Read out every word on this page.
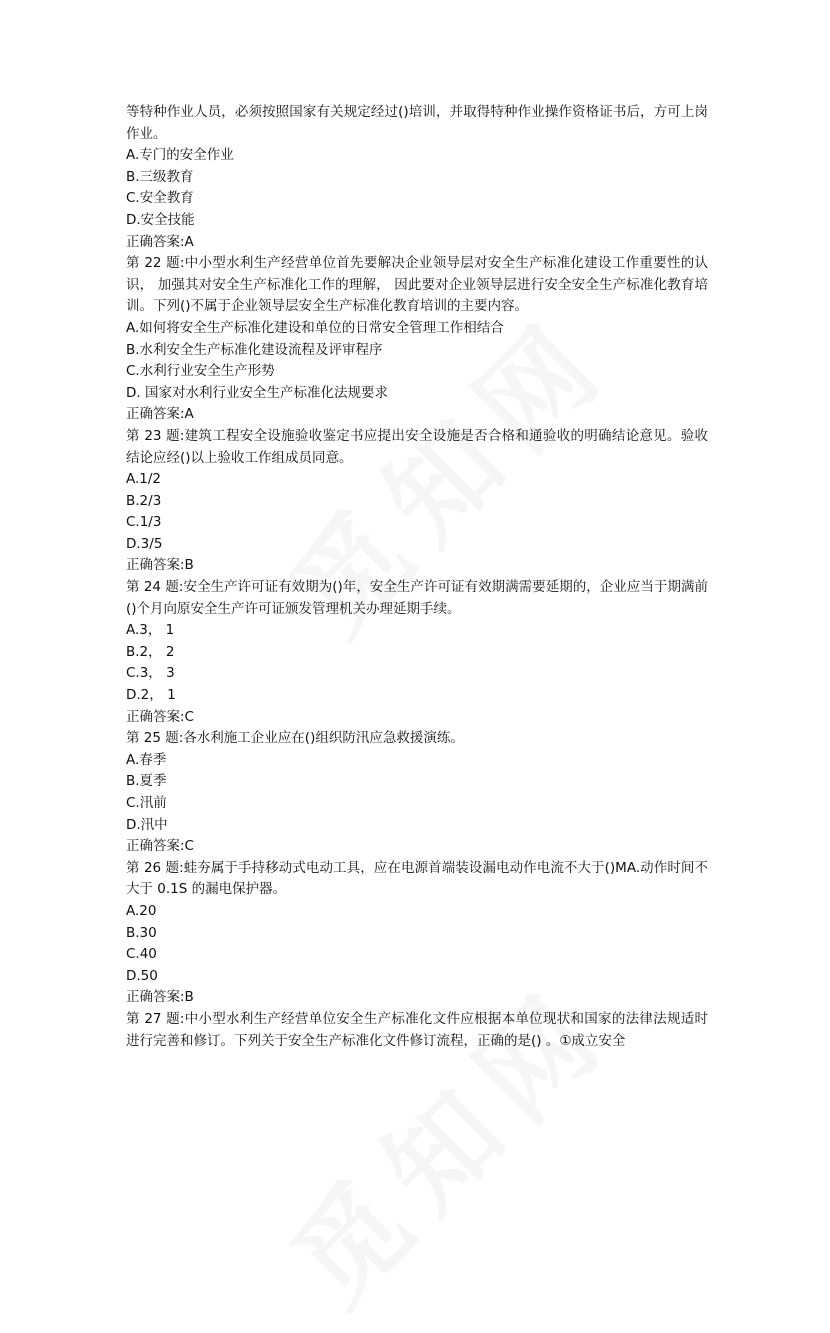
等特种作业人员，必须按照国家有关规定经过()培训，并取得特种作业操作资格证书后，方可上岗作业。
A.专门的安全作业
B.三级教育
C.安全教育
D.安全技能
正确答案:A
第 22 题:中小型水利生产经营单位首先要解决企业领导层对安全生产标准化建设工作重要性的认识， 加强其对安全生产标准化工作的理解， 因此要对企业领导层进行安全安全生产标准化教育培训。下列()不属于企业领导层安全生产标准化教育培训的主要内容。
A.如何将安全生产标准化建设和单位的日常安全管理工作相结合
B.水利安全生产标准化建设流程及评审程序
C.水利行业安全生产形势
D. 国家对水利行业安全生产标准化法规要求
正确答案:A
第 23 题:建筑工程安全设施验收鉴定书应提出安全设施是否合格和通验收的明确结论意见。验收结论应经()以上验收工作组成员同意。
A.1/2
B.2/3
C.1/3
D.3/5
正确答案:B
第 24 题:安全生产许可证有效期为()年，安全生产许可证有效期满需要延期的，企业应当于期满前()个月向原安全生产许可证颁发管理机关办理延期手续。
A.3， 1
B.2， 2
C.3， 3
D.2， 1
正确答案:C
第 25 题:各水利施工企业应在()组织防汛应急救援演练。
A.春季
B.夏季
C.汛前
D.汛中
正确答案:C
第 26 题:蛙夯属于手持移动式电动工具，应在电源首端装设漏电动作电流不大于()MA.动作时间不大于 0.1S 的漏电保护器。
A.20
B.30
C.40
D.50
正确答案:B
第 27 题:中小型水利生产经营单位安全生产标准化文件应根据本单位现状和国家的法律法规适时进行完善和修订。下列关于安全生产标准化文件修订流程，正确的是() 。①成立安全
